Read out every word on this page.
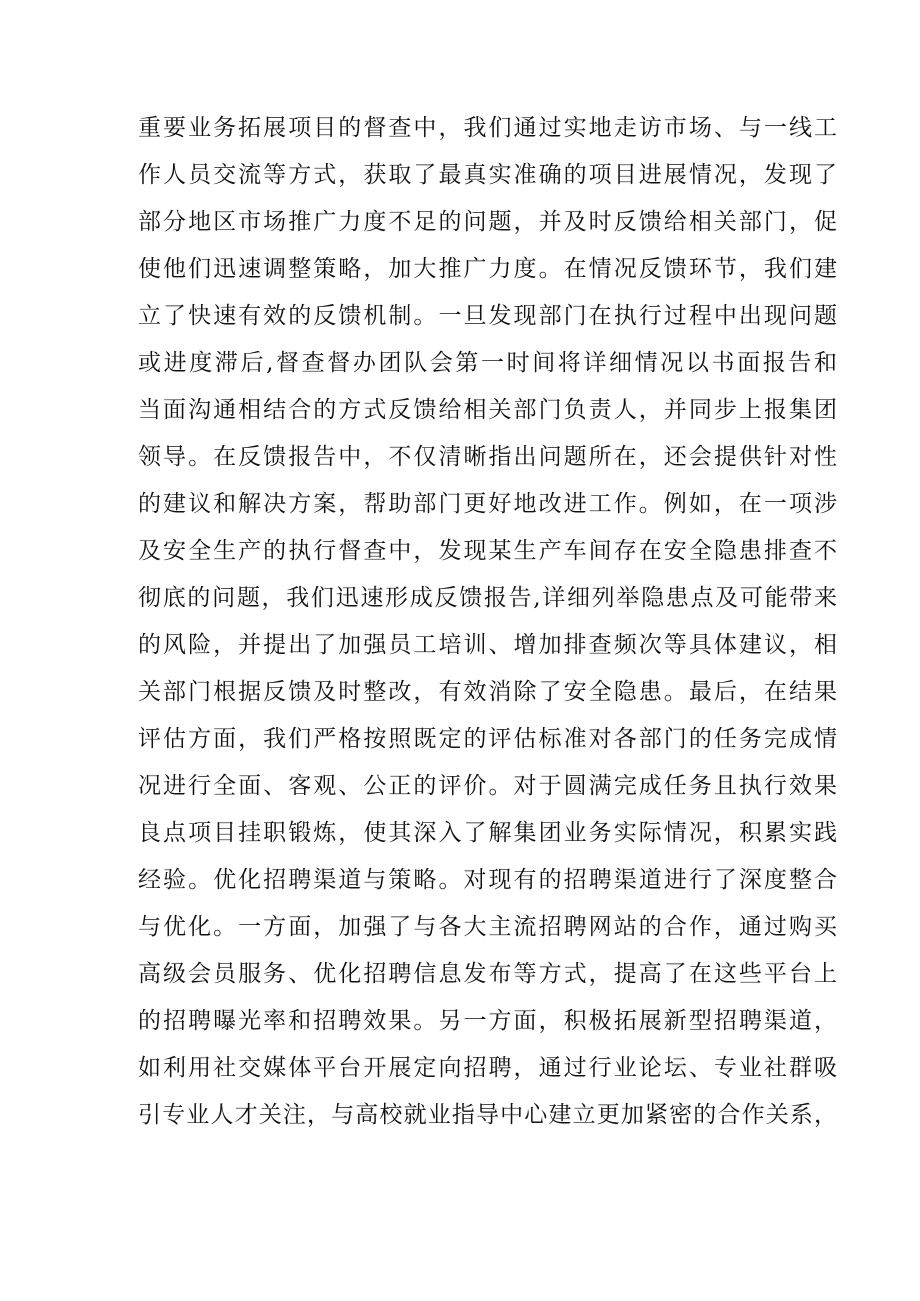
重要业务拓展项目的督查中，我们通过实地走访市场、与一线工
作人员交流等方式，获取了最真实准确的项目进展情况，发现了
部分地区市场推广力度不足的问题，并及时反馈给相关部门，促
使他们迅速调整策略，加大推广力度。在情况反馈环节，我们建
立了快速有效的反馈机制。一旦发现部门在执行过程中出现问题
或进度滞后,督查督办团队会第一时间将详细情况以书面报告和
当面沟通相结合的方式反馈给相关部门负责人，并同步上报集团
领导。在反馈报告中，不仅清晰指出问题所在，还会提供针对性
的建议和解决方案，帮助部门更好地改进工作。例如，在一项涉
及安全生产的执行督查中，发现某生产车间存在安全隐患排查不
彻底的问题，我们迅速形成反馈报告,详细列举隐患点及可能带来
的风险，并提出了加强员工培训、增加排查频次等具体建议，相
关部门根据反馈及时整改，有效消除了安全隐患。最后，在结果
评估方面，我们严格按照既定的评估标准对各部门的任务完成情
况进行全面、客观、公正的评价。对于圆满完成任务且执行效果
良点项目挂职锻炼，使其深入了解集团业务实际情况，积累实践
经验。优化招聘渠道与策略。对现有的招聘渠道进行了深度整合
与优化。一方面，加强了与各大主流招聘网站的合作，通过购买
高级会员服务、优化招聘信息发布等方式，提高了在这些平台上
的招聘曝光率和招聘效果。另一方面，积极拓展新型招聘渠道，
如利用社交媒体平台开展定向招聘，通过行业论坛、专业社群吸
引专业人才关注，与高校就业指导中心建立更加紧密的合作关系，
